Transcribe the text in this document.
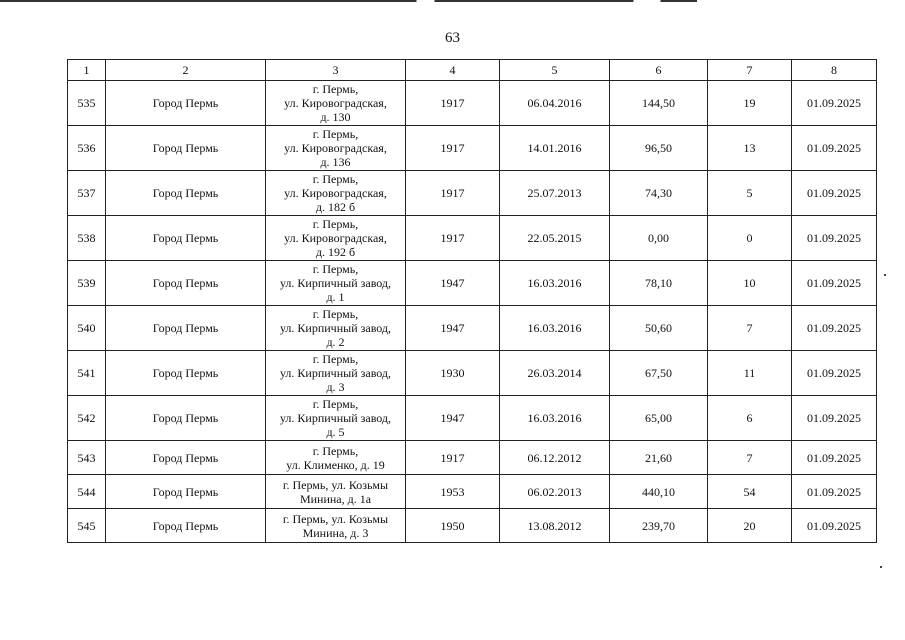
63
1	2	3	4	5	6	7	8
535	Город Пермь	г. Пермь,
ул. Кировоградская,
д. 130	1917	06.04.2016	144,50	19	01.09.2025
536	Город Пермь	г. Пермь,
ул. Кировоградская,
д. 136	1917	14.01.2016	96,50	13	01.09.2025
537	Город Пермь	г. Пермь,
ул. Кировоградская,
д. 182 б	1917	25.07.2013	74,30	5	01.09.2025
538	Город Пермь	г. Пермь,
ул. Кировоградская,
д. 192 б	1917	22.05.2015	0,00	0	01.09.2025
539	Город Пермь	г. Пермь,
ул. Кирпичный завод,
д. 1	1947	16.03.2016	78,10	10	01.09.2025
540	Город Пермь	г. Пермь,
ул. Кирпичный завод,
д. 2	1947	16.03.2016	50,60	7	01.09.2025
541	Город Пермь	г. Пермь,
ул. Кирпичный завод,
д. 3	1930	26.03.2014	67,50	11	01.09.2025
542	Город Пермь	г. Пермь,
ул. Кирпичный завод,
д. 5	1947	16.03.2016	65,00	6	01.09.2025
543	Город Пермь	г. Пермь,
ул. Клименко, д. 19	1917	06.12.2012	21,60	7	01.09.2025
544	Город Пермь	г. Пермь, ул. Козьмы
Минина, д. 1а	1953	06.02.2013	440,10	54	01.09.2025
545	Город Пермь	г. Пермь, ул. Козьмы
Минина, д. 3	1950	13.08.2012	239,70	20	01.09.2025
